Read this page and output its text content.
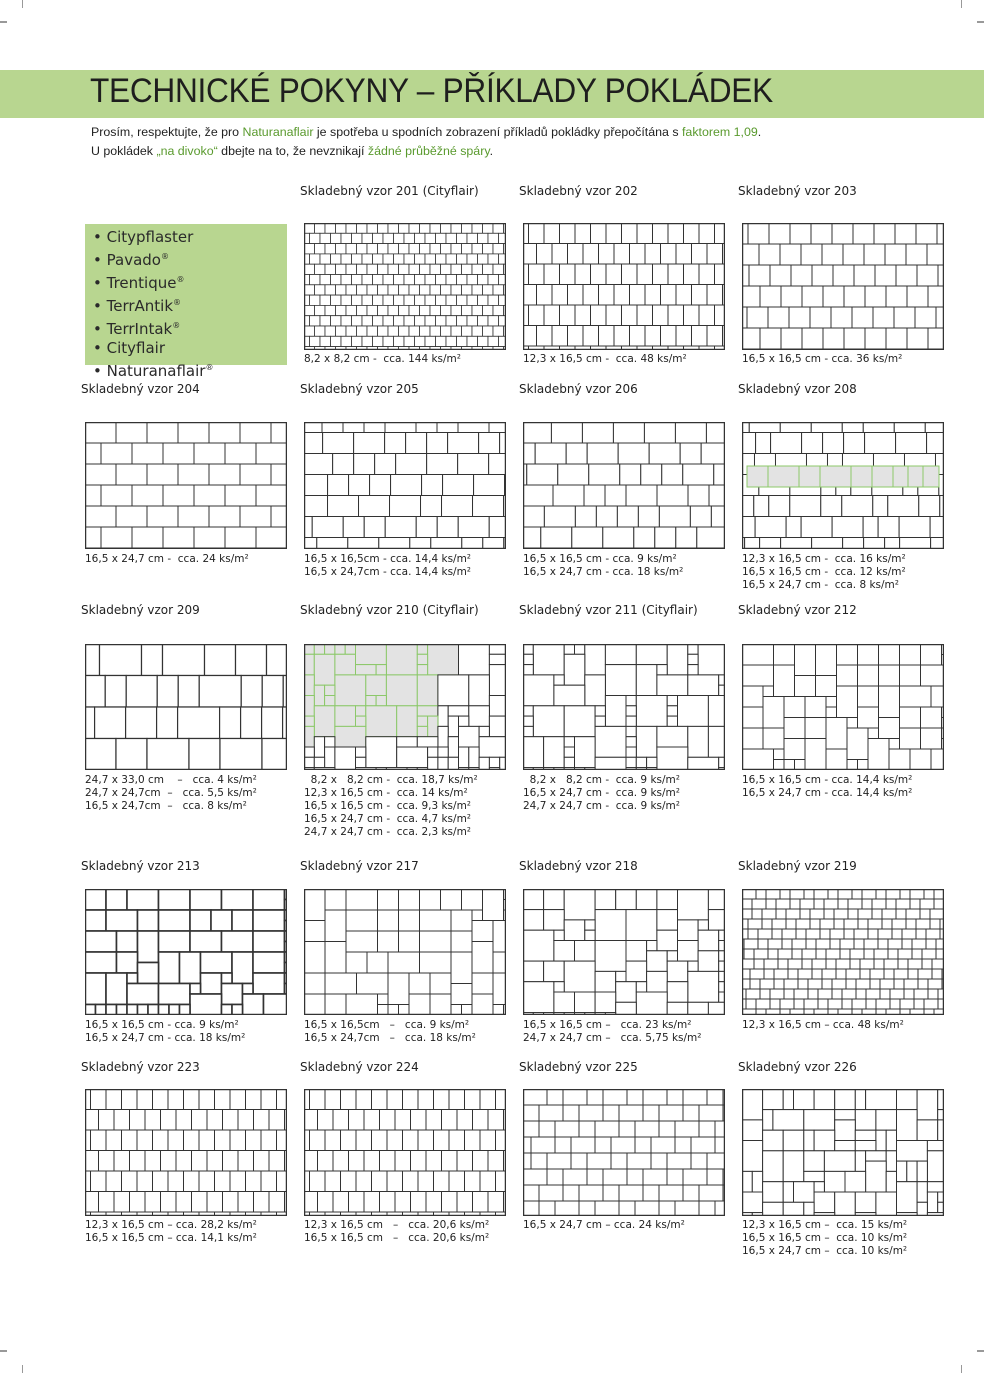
TECHNICKÉ POKYNY – PŘÍKLADY POKLÁDEK
Prosím, respektujte, že pro Naturanaflair je spotřeba u spodních zobrazení příkladů pokládky přepočítána s faktorem 1,09.
U pokládek „na divoko“ dbejte na to, že nevznikají žádné průběžné spáry.
• Citypflaster
• Pavado®
• Trentique®
• TerrAntik®
• TerrIntak®
• Cityflair
• Naturanaflair®
Skladebný vzor 201 (Cityflair)
8,2 x 8,2 cm -  cca. 144 ks/m²
Skladebný vzor 202
12,3 x 16,5 cm -  cca. 48 ks/m²
Skladebný vzor 203
16,5 x 16,5 cm - cca. 36 ks/m²
Skladebný vzor 204
16,5 x 24,7 cm -  cca. 24 ks/m²
Skladebný vzor 205
16,5 x 16,5cm - cca. 14,4 ks/m²
16,5 x 24,7cm - cca. 14,4 ks/m²
Skladebný vzor 206
16,5 x 16,5 cm - cca. 9 ks/m²
16,5 x 24,7 cm - cca. 18 ks/m²
Skladebný vzor 208
12,3 x 16,5 cm -  cca. 16 ks/m²
16,5 x 16,5 cm -  cca. 12 ks/m²
16,5 x 24,7 cm -  cca. 8 ks/m²
Skladebný vzor 209
24,7 x 33,0 cm    –   cca. 4 ks/m²
24,7 x 24,7cm  –   cca. 5,5 ks/m²
16,5 x 24,7cm  –   cca. 8 ks/m²
Skladebný vzor 210 (Cityflair)
8,2 x   8,2 cm -  cca. 18,7 ks/m²
12,3 x 16,5 cm -  cca. 14 ks/m²
16,5 x 16,5 cm -  cca. 9,3 ks/m²
16,5 x 24,7 cm -  cca. 4,7 ks/m²
24,7 x 24,7 cm -  cca. 2,3 ks/m²
Skladebný vzor 211 (Cityflair)
8,2 x   8,2 cm -  cca. 9 ks/m²
16,5 x 24,7 cm -  cca. 9 ks/m²
24,7 x 24,7 cm -  cca. 9 ks/m²
Skladebný vzor 212
16,5 x 16,5 cm - cca. 14,4 ks/m²
16,5 x 24,7 cm - cca. 14,4 ks/m²
Skladebný vzor 213
16,5 x 16,5 cm - cca. 9 ks/m²
16,5 x 24,7 cm - cca. 18 ks/m²
Skladebný vzor 217
16,5 x 16,5cm   –   cca. 9 ks/m²
16,5 x 24,7cm   –   cca. 18 ks/m²
Skladebný vzor 218
16,5 x 16,5 cm –   cca. 23 ks/m²
24,7 x 24,7 cm –   cca. 5,75 ks/m²
Skladebný vzor 219
12,3 x 16,5 cm – cca. 48 ks/m²
Skladebný vzor 223
12,3 x 16,5 cm – cca. 28,2 ks/m²
16,5 x 16,5 cm – cca. 14,1 ks/m²
Skladebný vzor 224
12,3 x 16,5 cm   –   cca. 20,6 ks/m²
16,5 x 16,5 cm   –   cca. 20,6 ks/m²
Skladebný vzor 225
16,5 x 24,7 cm – cca. 24 ks/m²
Skladebný vzor 226
12,3 x 16,5 cm –  cca. 15 ks/m²
16,5 x 16,5 cm –  cca. 10 ks/m²
16,5 x 24,7 cm –  cca. 10 ks/m²
